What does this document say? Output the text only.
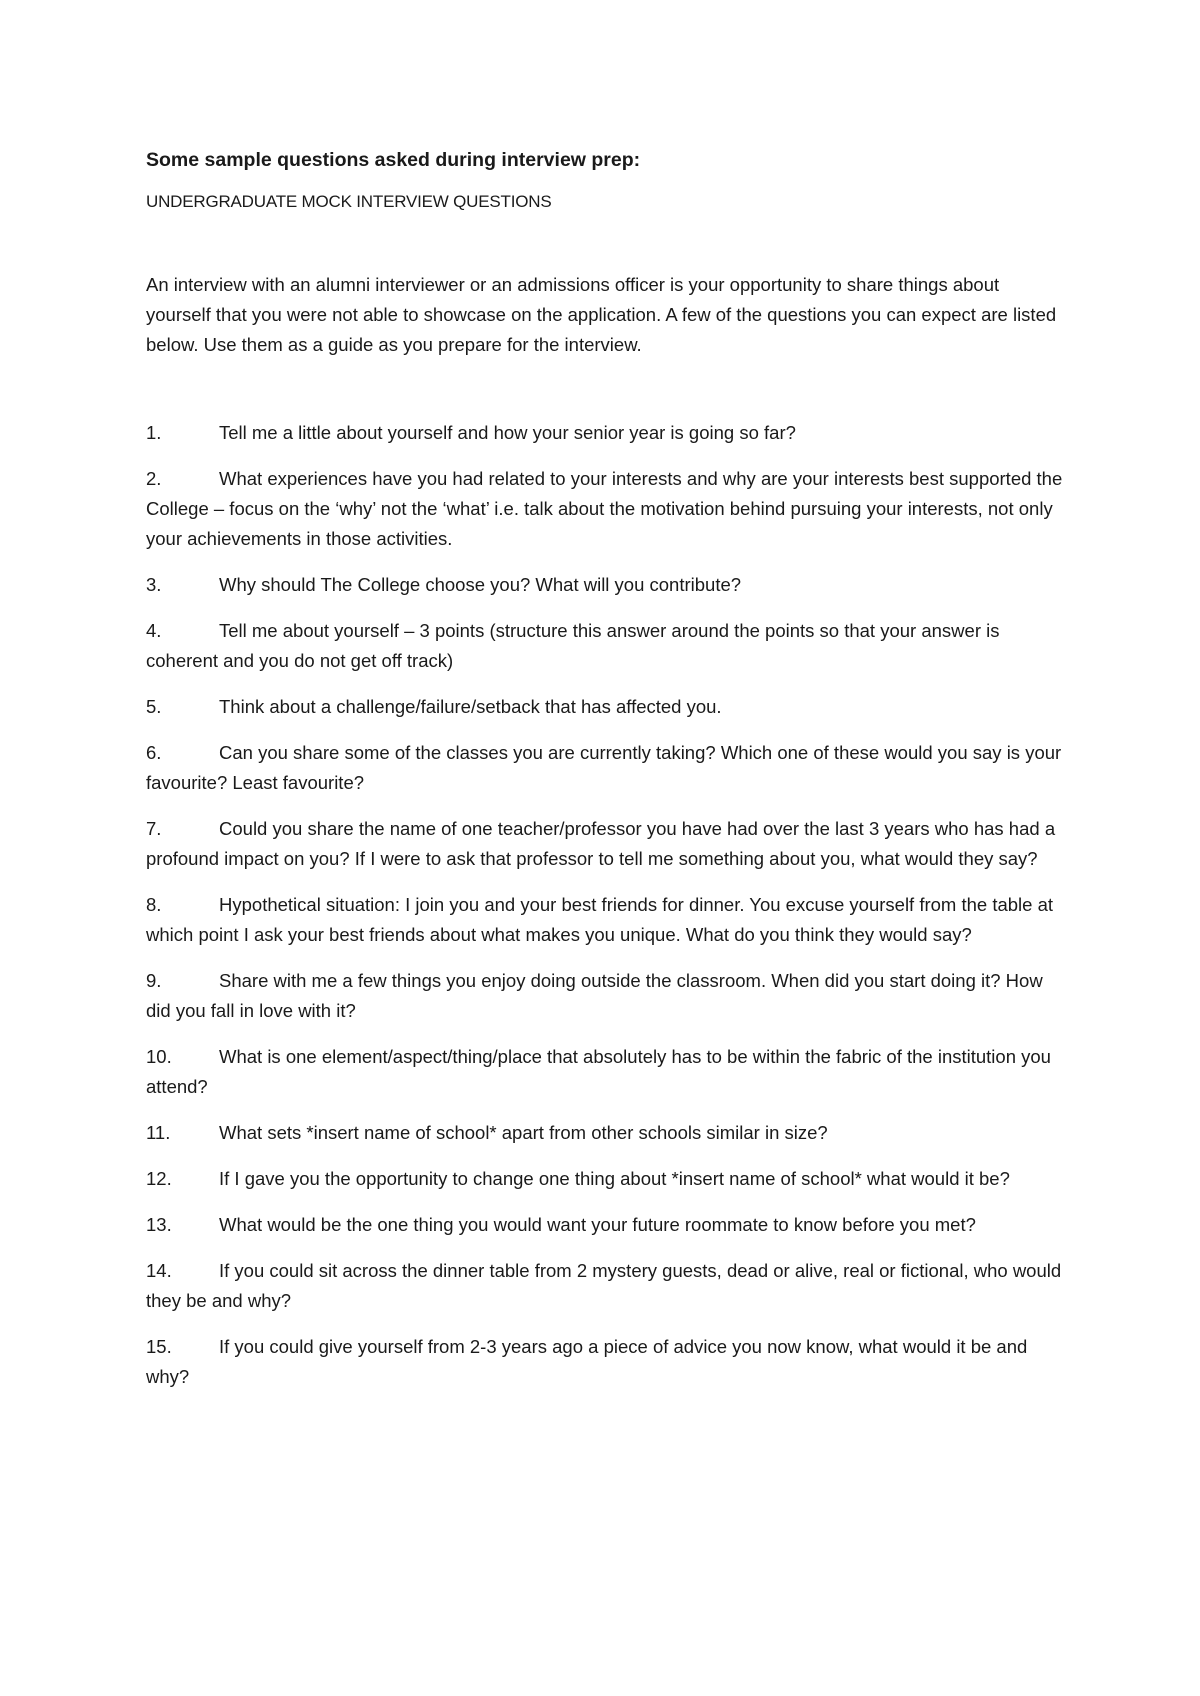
Some sample questions asked during interview prep:

UNDERGRADUATE MOCK INTERVIEW QUESTIONS

An interview with an alumni interviewer or an admissions officer is your opportunity to share things about yourself that you were not able to showcase on the application. A few of the questions you can expect are listed below. Use them as a guide as you prepare for the interview.

1.	Tell me a little about yourself and how your senior year is going so far?
2.	What experiences have you had related to your interests and why are your interests best supported the College – focus on the ‘why’ not the ‘what’ i.e. talk about the motivation behind pursuing your interests, not only your achievements in those activities.
3.	Why should The College choose you? What will you contribute?
4.	Tell me about yourself – 3 points (structure this answer around the points so that your answer is coherent and you do not get off track)
5.	Think about a challenge/failure/setback that has affected you.
6.	Can you share some of the classes you are currently taking? Which one of these would you say is your favourite? Least favourite?
7.	Could you share the name of one teacher/professor you have had over the last 3 years who has had a profound impact on you? If I were to ask that professor to tell me something about you, what would they say?
8.	Hypothetical situation: I join you and your best friends for dinner. You excuse yourself from the table at which point I ask your best friends about what makes you unique. What do you think they would say?
9.	Share with me a few things you enjoy doing outside the classroom. When did you start doing it? How did you fall in love with it?
10.	What is one element/aspect/thing/place that absolutely has to be within the fabric of the institution you attend?
11.	What sets *insert name of school* apart from other schools similar in size?
12.	If I gave you the opportunity to change one thing about *insert name of school* what would it be?
13.	What would be the one thing you would want your future roommate to know before you met?
14.	If you could sit across the dinner table from 2 mystery guests, dead or alive, real or fictional, who would they be and why?
15.	If you could give yourself from 2-3 years ago a piece of advice you now know, what would it be and why?
